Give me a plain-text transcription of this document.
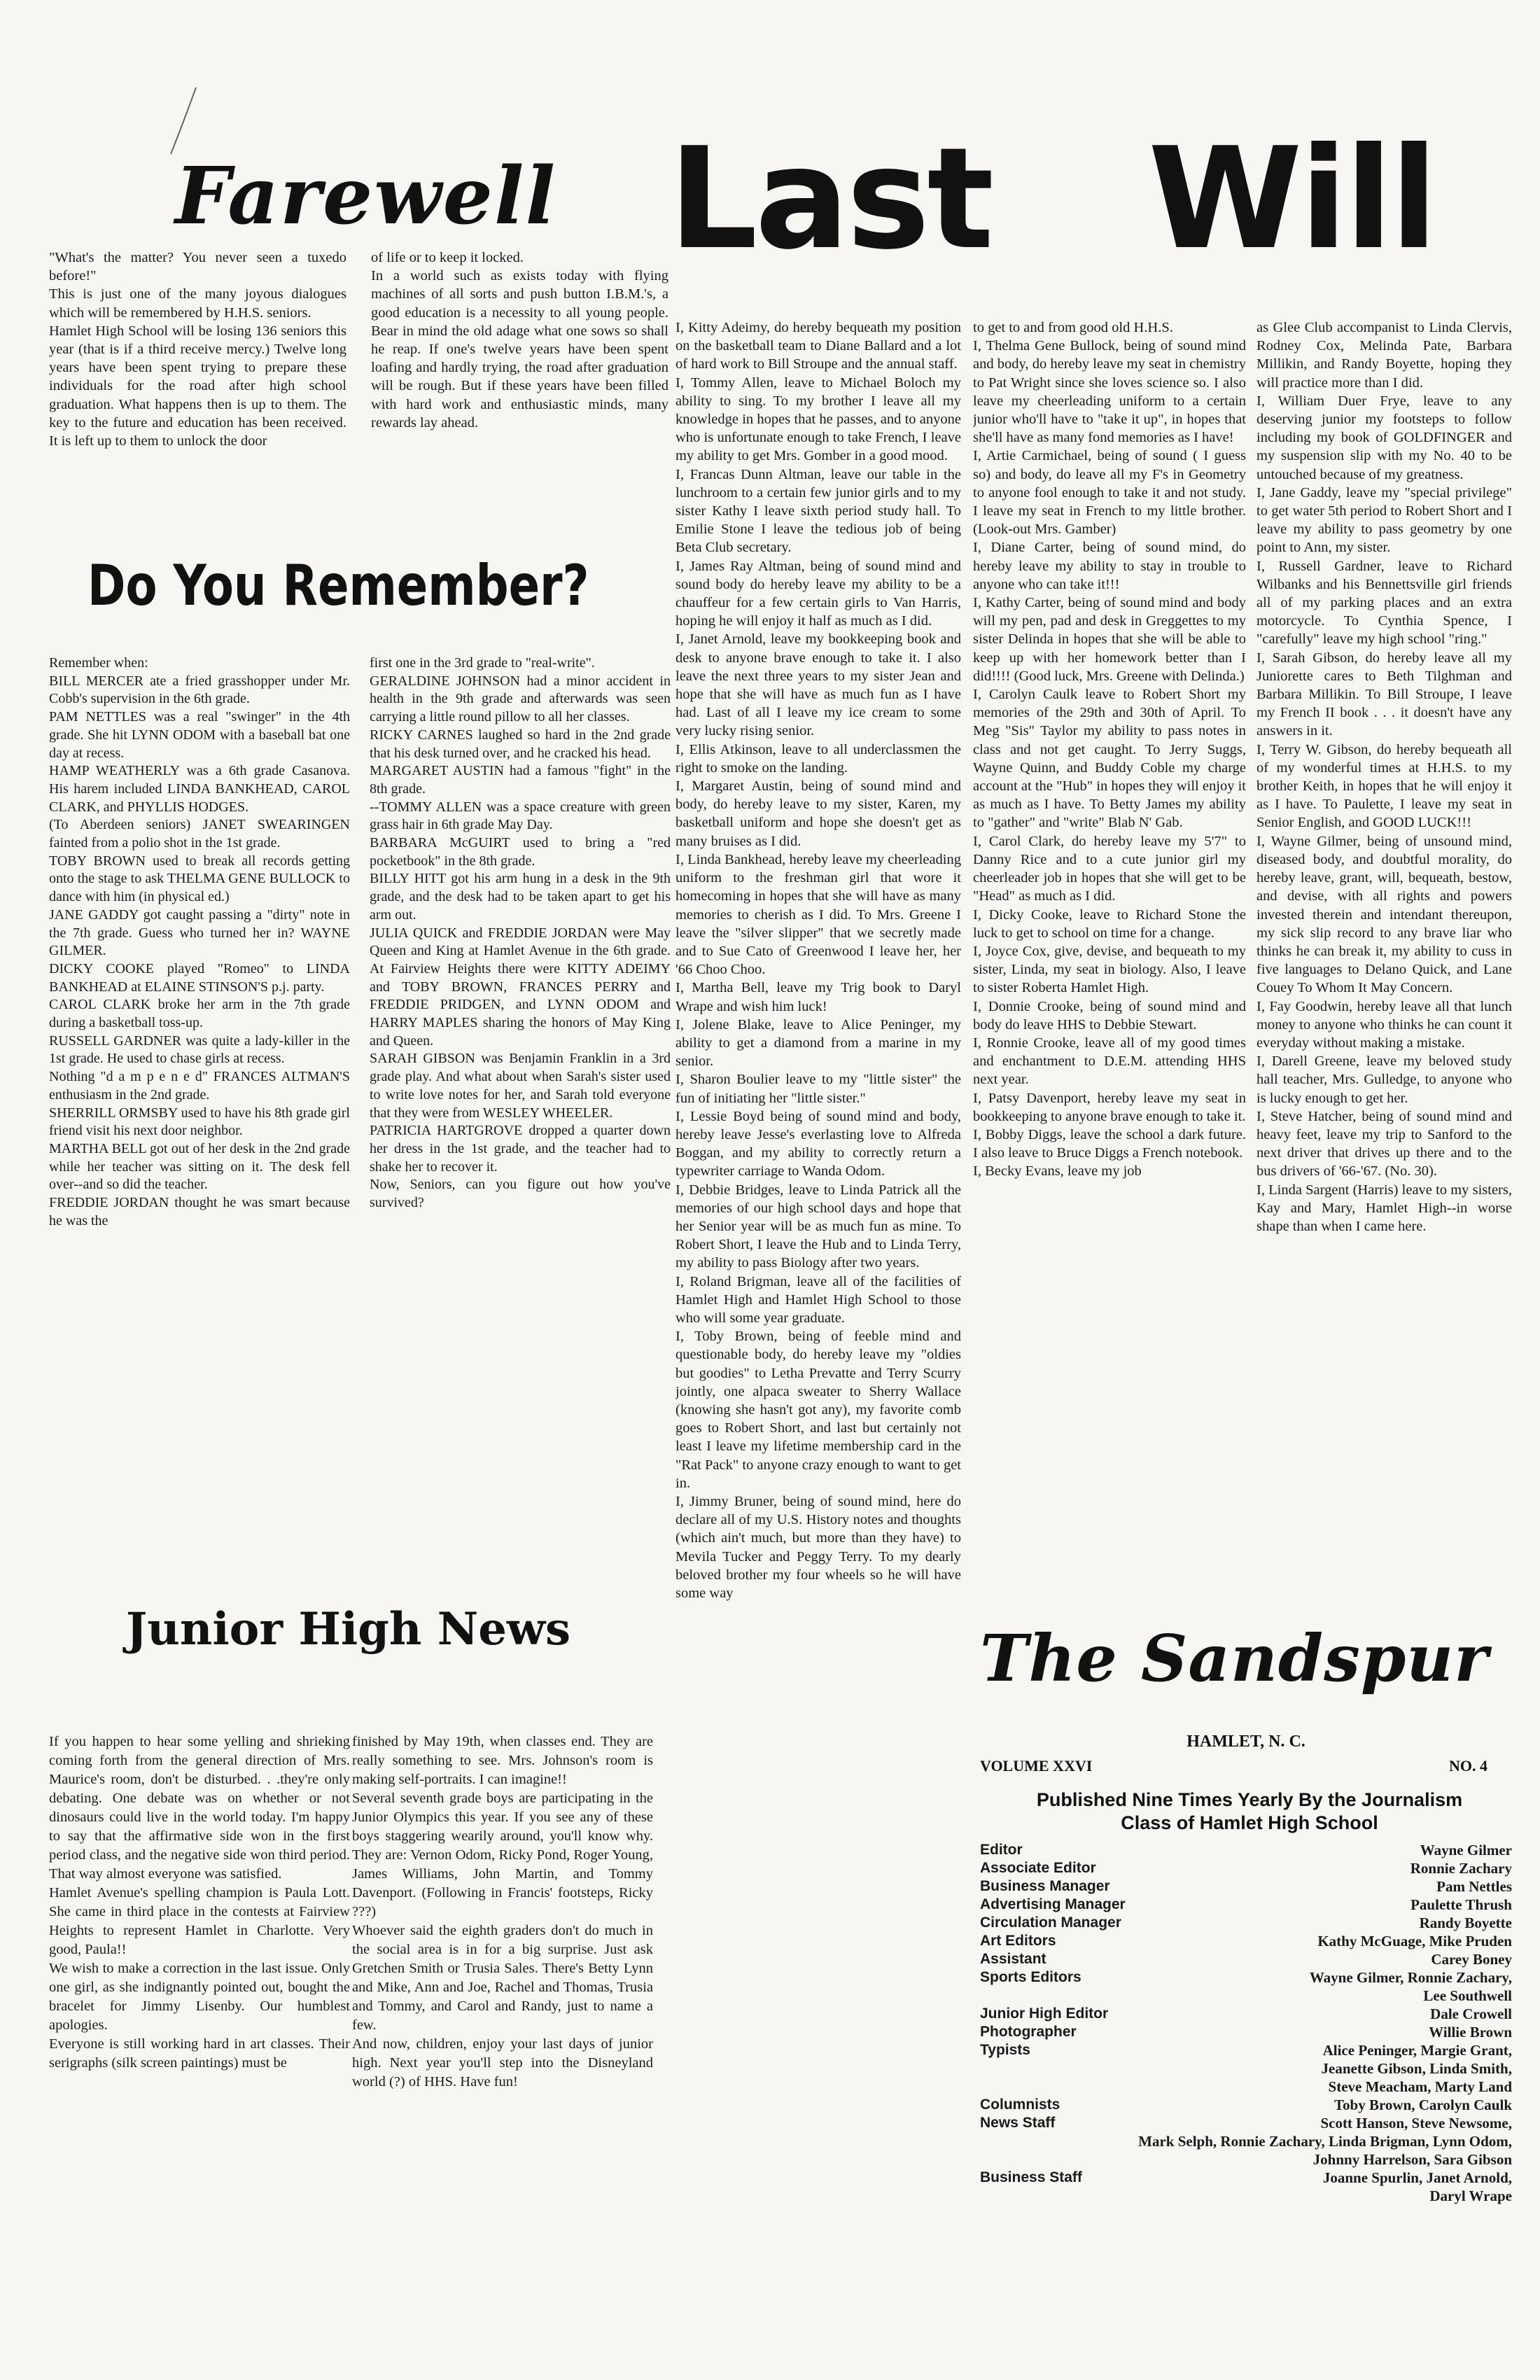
Farewell

"What's the matter? You never seen a tuxedo before!"
This is just one of the many joyous dialogues which will be remembered by H.H.S. seniors.
Hamlet High School will be losing 136 seniors this year (that is if a third receive mercy.) Twelve long years have been spent trying to prepare these individuals for the road after high school graduation. What happens then is up to them. The key to the future and education has been received. It is left up to them to unlock the door

of life or to keep it locked.
In a world such as exists today with flying machines of all sorts and push button I.B.M.'s, a good education is a necessity to all young people. Bear in mind the old adage what one sows so shall he reap. If one's twelve years have been spent loafing and hardly trying, the road after graduation will be rough. But if these years have been filled with hard work and enthusiastic minds, many rewards lay ahead.

Last Will
Do You Remember?

Remember when:
BILL MERCER ate a fried grasshopper under Mr. Cobb's supervision in the 6th grade.
PAM NETTLES was a real "swinger" in the 4th grade. She hit LYNN ODOM with a baseball bat one day at recess.
HAMP WEATHERLY was a 6th grade Casanova. His harem included LINDA BANKHEAD, CAROL CLARK, and PHYLLIS HODGES.
(To Aberdeen seniors) JANET SWEARINGEN fainted from a polio shot in the 1st grade.
TOBY BROWN used to break all records getting onto the stage to ask THELMA GENE BULLOCK to dance with him (in physical ed.)
JANE GADDY got caught passing a "dirty" note in the 7th grade. Guess who turned her in? WAYNE GILMER.
DICKY COOKE played "Romeo" to LINDA BANKHEAD at ELAINE STINSON'S p.j. party.
CAROL CLARK broke her arm in the 7th grade during a basketball toss-up.
RUSSELL GARDNER was quite a lady-killer in the 1st grade. He used to chase girls at recess.
Nothing "d a m p e n e d" FRANCES ALTMAN'S enthusiasm in the 2nd grade.
SHERRILL ORMSBY used to have his 8th grade girl friend visit his next door neighbor.
MARTHA BELL got out of her desk in the 2nd grade while her teacher was sitting on it. The desk fell over--and so did the teacher.
FREDDIE JORDAN thought he was smart because he was the

first one in the 3rd grade to "real-write".
GERALDINE JOHNSON had a minor accident in health in the 9th grade and afterwards was seen carrying a little round pillow to all her classes.
RICKY CARNES laughed so hard in the 2nd grade that his desk turned over, and he cracked his head.
MARGARET AUSTIN had a famous "fight" in the 8th grade.
--TOMMY ALLEN was a space creature with green grass hair in 6th grade May Day.
BARBARA McGUIRT used to bring a "red pocketbook" in the 8th grade.
BILLY HITT got his arm hung in a desk in the 9th grade, and the desk had to be taken apart to get his arm out.
JULIA QUICK and FREDDIE JORDAN were May Queen and King at Hamlet Avenue in the 6th grade. At Fairview Heights there were KITTY ADEIMY and TOBY BROWN, FRANCES PERRY and FREDDIE PRIDGEN, and LYNN ODOM and HARRY MAPLES sharing the honors of May King and Queen.
SARAH GIBSON was Benjamin Franklin in a 3rd grade play. And what about when Sarah's sister used to write love notes for her, and Sarah told everyone that they were from WESLEY WHEELER.
PATRICIA HARTGROVE dropped a quarter down her dress in the 1st grade, and the teacher had to shake her to recover it.
Now, Seniors, can you figure out how you've survived?

Junior High News

If you happen to hear some yelling and shrieking coming forth from the general direction of Mrs. Maurice's room, don't be disturbed. . .they're only debating. One debate was on whether or not dinosaurs could live in the world today. I'm happy to say that the affirmative side won in the first period class, and the negative side won third period. That way almost everyone was satisfied.
Hamlet Avenue's spelling champion is Paula Lott. She came in third place in the contests at Fairview Heights to represent Hamlet in Charlotte. Very good, Paula!!
We wish to make a correction in the last issue. Only one girl, as she indignantly pointed out, bought the bracelet for Jimmy Lisenby. Our humblest apologies.
Everyone is still working hard in art classes. Their serigraphs (silk screen paintings) must be

finished by May 19th, when classes end. They are really something to see. Mrs. Johnson's room is making self-portraits. I can imagine!!
Several seventh grade boys are participating in the Junior Olympics this year. If you see any of these boys staggering wearily around, you'll know why. They are: Vernon Odom, Ricky Pond, Roger Young, James Williams, John Martin, and Tommy Davenport. (Following in Francis' footsteps, Ricky ???)
Whoever said the eighth graders don't do much in the social area is in for a big surprise. Just ask Gretchen Smith or Trusia Sales. There's Betty Lynn and Mike, Ann and Joe, Rachel and Thomas, Trusia and Tommy, and Carol and Randy, just to name a few.
And now, children, enjoy your last days of junior high. Next year you'll step into the Disneyland world (?) of HHS. Have fun!

I, Kitty Adeimy, do hereby bequeath my position on the basketball team to Diane Ballard and a lot of hard work to Bill Stroupe and the annual staff.
I, Tommy Allen, leave to Michael Boloch my ability to sing. To my brother I leave all my knowledge in hopes that he passes, and to anyone who is unfortunate enough to take French, I leave my ability to get Mrs. Gomber in a good mood.
I, Francas Dunn Altman, leave our table in the lunchroom to a certain few junior girls and to my sister Kathy I leave sixth period study hall. To Emilie Stone I leave the tedious job of being Beta Club secretary.
I, James Ray Altman, being of sound mind and sound body do hereby leave my ability to be a chauffeur for a few certain girls to Van Harris, hoping he will enjoy it half as much as I did.
I, Janet Arnold, leave my bookkeeping book and desk to anyone brave enough to take it. I also leave the next three years to my sister Jean and hope that she will have as much fun as I have had. Last of all I leave my ice cream to some very lucky rising senior.
I, Ellis Atkinson, leave to all underclassmen the right to smoke on the landing.
I, Margaret Austin, being of sound mind and body, do hereby leave to my sister, Karen, my basketball uniform and hope she doesn't get as many bruises as I did.
I, Linda Bankhead, hereby leave my cheerleading uniform to the freshman girl that wore it homecoming in hopes that she will have as many memories to cherish as I did. To Mrs. Greene I leave the "silver slipper" that we secretly made and to Sue Cato of Greenwood I leave her, her '66 Choo Choo.
I, Martha Bell, leave my Trig book to Daryl Wrape and wish him luck!
I, Jolene Blake, leave to Alice Peninger, my ability to get a diamond from a marine in my senior.
I, Sharon Boulier leave to my "little sister" the fun of initiating her "little sister."
I, Lessie Boyd being of sound mind and body, hereby leave Jesse's everlasting love to Alfreda Boggan, and my ability to correctly return a typewriter carriage to Wanda Odom.
I, Debbie Bridges, leave to Linda Patrick all the memories of our high school days and hope that her Senior year will be as much fun as mine. To Robert Short, I leave the Hub and to Linda Terry, my ability to pass Biology after two years.
I, Roland Brigman, leave all of the facilities of Hamlet High and Hamlet High School to those who will some year graduate.
I, Toby Brown, being of feeble mind and questionable body, do hereby leave my "oldies but goodies" to Letha Prevatte and Terry Scurry jointly, one alpaca sweater to Sherry Wallace (knowing she hasn't got any), my favorite comb goes to Robert Short, and last but certainly not least I leave my lifetime membership card in the "Rat Pack" to anyone crazy enough to want to get in.
I, Jimmy Bruner, being of sound mind, here do declare all of my U.S. History notes and thoughts (which ain't much, but more than they have) to Mevila Tucker and Peggy Terry. To my dearly beloved brother my four wheels so he will have some way

to get to and from good old H.H.S.
I, Thelma Gene Bullock, being of sound mind and body, do hereby leave my seat in chemistry to Pat Wright since she loves science so. I also leave my cheerleading uniform to a certain junior who'll have to "take it up", in hopes that she'll have as many fond memories as I have!
I, Artie Carmichael, being of sound ( I guess so) and body, do leave all my F's in Geometry to anyone fool enough to take it and not study. I leave my seat in French to my little brother. (Look-out Mrs. Gamber)
I, Diane Carter, being of sound mind, do hereby leave my ability to stay in trouble to anyone who can take it!!!
I, Kathy Carter, being of sound mind and body will my pen, pad and desk in Greggettes to my sister Delinda in hopes that she will be able to keep up with her homework better than I did!!!! (Good luck, Mrs. Greene with Delinda.)
I, Carolyn Caulk leave to Robert Short my memories of the 29th and 30th of April. To Meg "Sis" Taylor my ability to pass notes in class and not get caught. To Jerry Suggs, Wayne Quinn, and Buddy Coble my charge account at the "Hub" in hopes they will enjoy it as much as I have. To Betty James my ability to "gather" and "write" Blab N' Gab.
I, Carol Clark, do hereby leave my 5'7" to Danny Rice and to a cute junior girl my cheerleader job in hopes that she will get to be "Head" as much as I did.
I, Dicky Cooke, leave to Richard Stone the luck to get to school on time for a change.
I, Joyce Cox, give, devise, and bequeath to my sister, Linda, my seat in biology. Also, I leave to sister Roberta Hamlet High.
I, Donnie Crooke, being of sound mind and body do leave HHS to Debbie Stewart.
I, Ronnie Crooke, leave all of my good times and enchantment to D.E.M. attending HHS next year.
I, Patsy Davenport, hereby leave my seat in bookkeeping to anyone brave enough to take it.
I, Bobby Diggs, leave the school a dark future. I also leave to Bruce Diggs a French notebook.
I, Becky Evans, leave my job

as Glee Club accompanist to Linda Clervis, Rodney Cox, Melinda Pate, Barbara Millikin, and Randy Boyette, hoping they will practice more than I did.
I, William Duer Frye, leave to any deserving junior my footsteps to follow including my book of GOLDFINGER and my suspension slip with my No. 40 to be untouched because of my greatness.
I, Jane Gaddy, leave my "special privilege" to get water 5th period to Robert Short and I leave my ability to pass geometry by one point to Ann, my sister.
I, Russell Gardner, leave to Richard Wilbanks and his Bennettsville girl friends all of my parking places and an extra motorcycle. To Cynthia Spence, I "carefully" leave my high school "ring."
I, Sarah Gibson, do hereby leave all my Juniorette cares to Beth Tilghman and Barbara Millikin. To Bill Stroupe, I leave my French II book . . . it doesn't have any answers in it.
I, Terry W. Gibson, do hereby bequeath all of my wonderful times at H.H.S. to my brother Keith, in hopes that he will enjoy it as I have. To Paulette, I leave my seat in Senior English, and GOOD LUCK!!!
I, Wayne Gilmer, being of unsound mind, diseased body, and doubtful morality, do hereby leave, grant, will, bequeath, bestow, and devise, with all rights and powers invested therein and intendant thereupon, my sick slip record to any brave liar who thinks he can break it, my ability to cuss in five languages to Delano Quick, and Lane Couey To Whom It May Concern.
I, Fay Goodwin, hereby leave all that lunch money to anyone who thinks he can count it everyday without making a mistake.
I, Darell Greene, leave my beloved study hall teacher, Mrs. Gulledge, to anyone who is lucky enough to get her.
I, Steve Hatcher, being of sound mind and heavy feet, leave my trip to Sanford to the next driver that drives up there and to the bus drivers of '66-'67. (No. 30).
I, Linda Sargent (Harris) leave to my sisters, Kay and Mary, Hamlet High--in worse shape than when I came here.

The Sandspur
HAMLET, N. C.
VOLUME XXVI	NO. 4
Published Nine Times Yearly By the Journalism Class of Hamlet High School
Editor	Wayne Gilmer
Associate Editor	Ronnie Zachary
Business Manager	Pam Nettles
Advertising Manager	Paulette Thrush
Circulation Manager	Randy Boyette
Art Editors	Kathy McGuage, Mike Pruden
Assistant	Carey Boney
Sports Editors	Wayne Gilmer, Ronnie Zachary,
Lee Southwell
Junior High Editor	Dale Crowell
Photographer	Willie Brown
Typists	Alice Peninger, Margie Grant,
Jeanette Gibson, Linda Smith,
Steve Meacham, Marty Land
Columnists	Toby Brown, Carolyn Caulk
News Staff	Scott Hanson, Steve Newsome,
Mark Selph, Ronnie Zachary, Linda Brigman, Lynn Odom,
Johnny Harrelson, Sara Gibson
Business Staff	Joanne Spurlin, Janet Arnold,
Daryl Wrape
